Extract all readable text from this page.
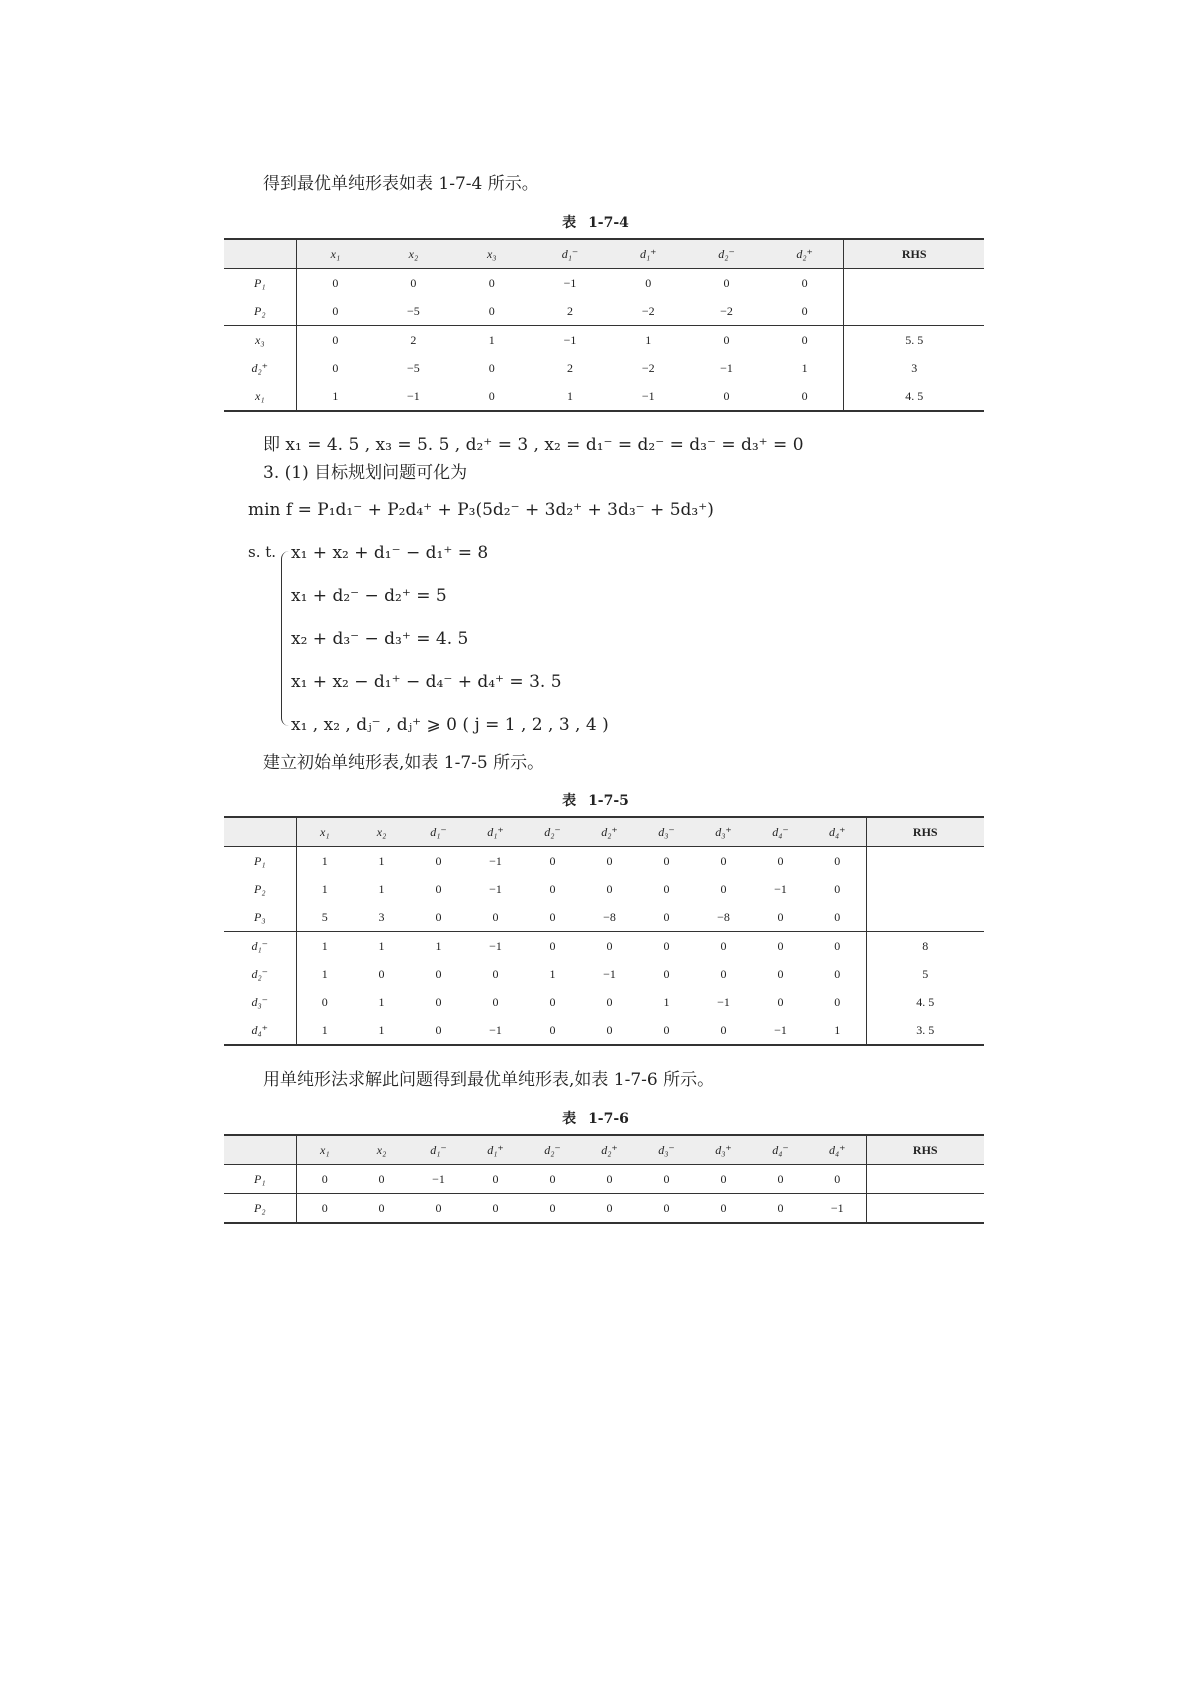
得到最优单纯形表如表 1-7-4 所示。
表 1-7-4
	x₁	x₂	x₃	d₁⁻	d₁⁺	d₂⁻	d₂⁺	RHS
P₁	0	0	0	−1	0	0	0	
P₂	0	−5	0	2	−2	−2	0	
x₃	0	2	1	−1	1	0	0	5. 5
d₂⁺	0	−5	0	2	−2	−1	1	3
x₁	1	−1	0	1	−1	0	0	4. 5
即 x₁ = 4. 5 , x₃ = 5. 5 , d₂⁺ = 3 , x₂ = d₁⁻ = d₂⁻ = d₃⁻ = d₃⁺ = 0
3. (1) 目标规划问题可化为
min f = P₁d₁⁻ + P₂d₄⁺ + P₃(5d₂⁻ + 3d₂⁺ + 3d₃⁻ + 5d₃⁺)
s. t. x₁ + x₂ + d₁⁻ − d₁⁺ = 8
x₁ + d₂⁻ − d₂⁺ = 5
x₂ + d₃⁻ − d₃⁺ = 4. 5
x₁ + x₂ − d₁⁺ − d₄⁻ + d₄⁺ = 3. 5
x₁ , x₂ , dⱼ⁻ , dⱼ⁺ ⩾ 0 ( j = 1 , 2 , 3 , 4 )
建立初始单纯形表,如表 1-7-5 所示。
表 1-7-5
	x₁	x₂	d₁⁻	d₁⁺	d₂⁻	d₂⁺	d₃⁻	d₃⁺	d₄⁻	d₄⁺	RHS
P₁	1	1	0	−1	0	0	0	0	0	0	
P₂	1	1	0	−1	0	0	0	0	−1	0	
P₃	5	3	0	0	0	−8	0	−8	0	0	
d₁⁻	1	1	1	−1	0	0	0	0	0	0	8
d₂⁻	1	0	0	0	1	−1	0	0	0	0	5
d₃⁻	0	1	0	0	0	0	1	−1	0	0	4. 5
d₄⁺	1	1	0	−1	0	0	0	0	−1	1	3. 5
用单纯形法求解此问题得到最优单纯形表,如表 1-7-6 所示。
表 1-7-6
	x₁	x₂	d₁⁻	d₁⁺	d₂⁻	d₂⁺	d₃⁻	d₃⁺	d₄⁻	d₄⁺	RHS
P₁	0	0	−1	0	0	0	0	0	0	0	
P₂	0	0	0	0	0	0	0	0	0	−1	
